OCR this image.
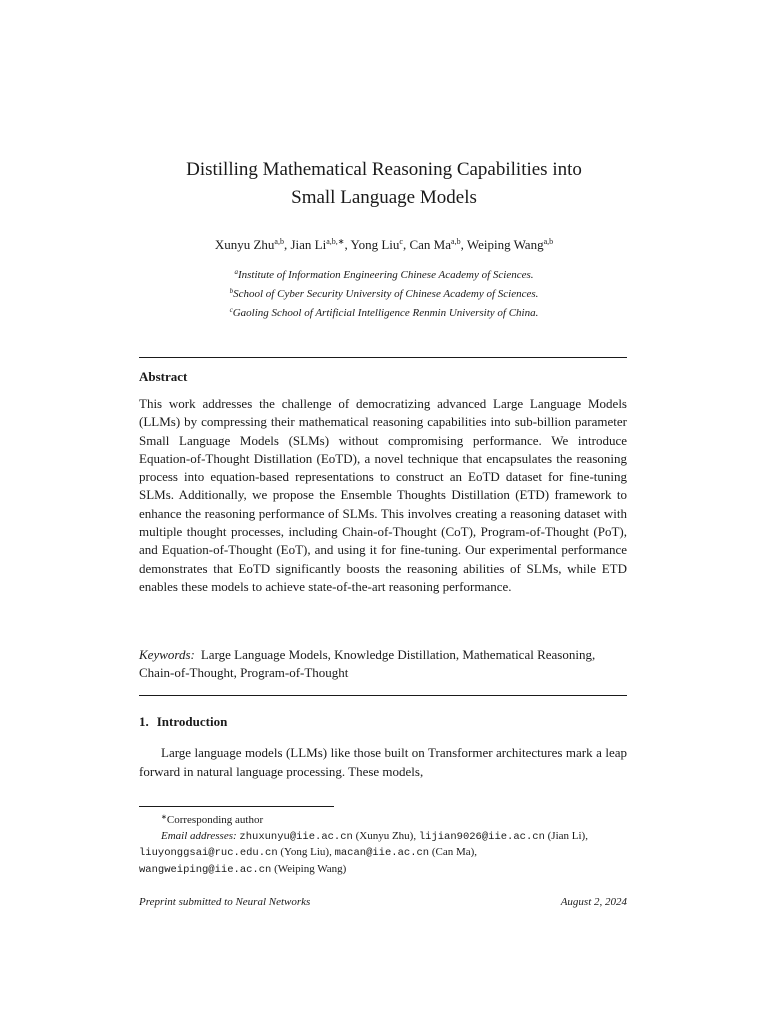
Distilling Mathematical Reasoning Capabilities into
Small Language Models
Xunyu Zhu$^{a,b}$, Jian $Li^{a,b,∗}$, Yong Liu$^c$, Can Ma$^{a,b}$, Weiping Wang$^{a,b}$
$^a$Institute of Information Engineering Chinese Academy of Sciences.
$^b$School of Cyber Security University of Chinese Academy of Sciences.
$^c$Gaoling School of Artificial Intelligence Renmin University of China.
Abstract
This work addresses the challenge of democratizing advanced Large Language Models (LLMs) by compressing their mathematical reasoning capabilities into sub-billion parameter Small Language Models (SLMs) without compromising performance. We introduce Equation-of-Thought Distillation (EoTD), a novel technique that encapsulates the reasoning process into equation-based representations to construct an EoTD dataset for fine-tuning SLMs. Additionally, we propose the Ensemble Thoughts Distillation (ETD) framework to enhance the reasoning performance of SLMs. This involves creating a reasoning dataset with multiple thought processes, including Chain-of-Thought (CoT), Program-of-Thought (PoT), and Equation-of-Thought (EoT), and using it for fine-tuning. Our experimental performance demonstrates that EoTD significantly boosts the reasoning abilities of SLMs, while ETD enables these models to achieve state-of-the-art reasoning performance.
Keywords: Large Language Models, Knowledge Distillation, Mathematical Reasoning, Chain-of-Thought, Program-of-Thought
1. Introduction
Large language models (LLMs) like those built on Transformer architectures mark a leap forward in natural language processing. These models,
∗Corresponding author
Email addresses: zhuxunyu@iie.ac.cn (Xunyu Zhu), lijian9026@iie.ac.cn (Jian Li), liuyonggsai@ruc.edu.cn (Yong Liu), macan@iie.ac.cn (Can Ma),
wangweiping@iie.ac.cn (Weiping Wang)
Preprint submitted to Neural Networks	August 2, 2024
